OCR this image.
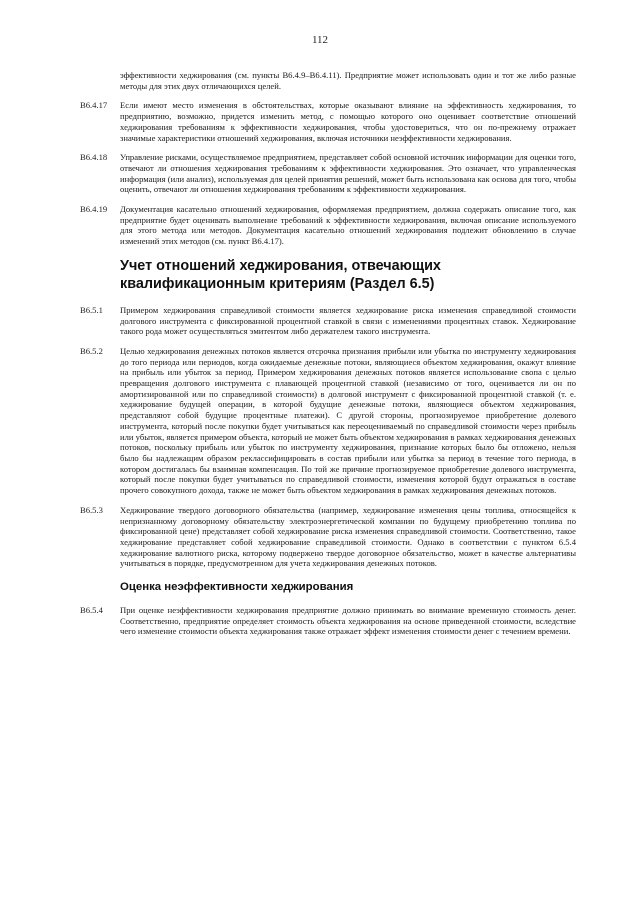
112
эффективности хеджирования (см. пункты В6.4.9–В6.4.11). Предприятие может использовать один и тот же либо разные методы для этих двух отличающихся целей.
В6.4.17	Если имеют место изменения в обстоятельствах, которые оказывают влияние на эффективность хеджирования, то предприятию, возможно, придется изменить метод, с помощью которого оно оценивает соответствие отношений хеджирования требованиям к эффективности хеджирования, чтобы удостовериться, что он по-прежнему отражает значимые характеристики отношений хеджирования, включая источники неэффективности хеджирования.
В6.4.18	Управление рисками, осуществляемое предприятием, представляет собой основной источник информации для оценки того, отвечают ли отношения хеджирования требованиям к эффективности хеджирования. Это означает, что управленческая информация (или анализ), используемая для целей принятия решений, может быть использована как основа для того, чтобы оценить, отвечают ли отношения хеджирования требованиям к эффективности хеджирования.
В6.4.19	Документация касательно отношений хеджирования, оформляемая предприятием, должна содержать описание того, как предприятие будет оценивать выполнение требований к эффективности хеджирования, включая описание используемого для этого метода или методов. Документация касательно отношений хеджирования подлежит обновлению в случае изменений этих методов (см. пункт В6.4.17).
Учет отношений хеджирования, отвечающих квалификационным критериям (Раздел 6.5)
В6.5.1	Примером хеджирования справедливой стоимости является хеджирование риска изменения справедливой стоимости долгового инструмента с фиксированной процентной ставкой в связи с изменениями процентных ставок. Хеджирование такого рода может осуществляться эмитентом либо держателем такого инструмента.
В6.5.2	Целью хеджирования денежных потоков является отсрочка признания прибыли или убытка по инструменту хеджирования до того периода или периодов, когда ожидаемые денежные потоки, являющиеся объектом хеджирования, окажут влияние на прибыль или убыток за период. Примером хеджирования денежных потоков является использование свопа с целью превращения долгового инструмента с плавающей процентной ставкой (независимо от того, оценивается ли он по амортизированной или по справедливой стоимости) в долговой инструмент с фиксированной процентной ставкой (т. е. хеджирование будущей операции, в которой будущие денежные потоки, являющиеся объектом хеджирования, представляют собой будущие процентные платежи). С другой стороны, прогнозируемое приобретение долевого инструмента, который после покупки будет учитываться как переоцениваемый по справедливой стоимости через прибыль или убыток, является примером объекта, который не может быть объектом хеджирования в рамках хеджирования денежных потоков, поскольку прибыль или убыток по инструменту хеджирования, признание которых было бы отложено, нельзя было бы надлежащим образом реклассифицировать в состав прибыли или убытка за период в течение того периода, в котором достигалась бы взаимная компенсация. По той же причине прогнозируемое приобретение долевого инструмента, который после покупки будет учитываться по справедливой стоимости, изменения которой будут отражаться в составе прочего совокупного дохода, также не может быть объектом хеджирования в рамках хеджирования денежных потоков.
В6.5.3	Хеджирование твердого договорного обязательства (например, хеджирование изменения цены топлива, относящейся к непризнанному договорному обязательству электроэнергетической компании по будущему приобретению топлива по фиксированной цене) представляет собой хеджирование риска изменения справедливой стоимости. Соответственно, такое хеджирование представляет собой хеджирование справедливой стоимости. Однако в соответствии с пунктом 6.5.4 хеджирование валютного риска, которому подвержено твердое договорное обязательство, может в качестве альтернативы учитываться в порядке, предусмотренном для учета хеджирования денежных потоков.
Оценка неэффективности хеджирования
В6.5.4	При оценке неэффективности хеджирования предприятие должно принимать во внимание временную стоимость денег. Соответственно, предприятие определяет стоимость объекта хеджирования на основе приведенной стоимости, вследствие чего изменение стоимости объекта хеджирования также отражает эффект изменения стоимости денег с течением времени.
